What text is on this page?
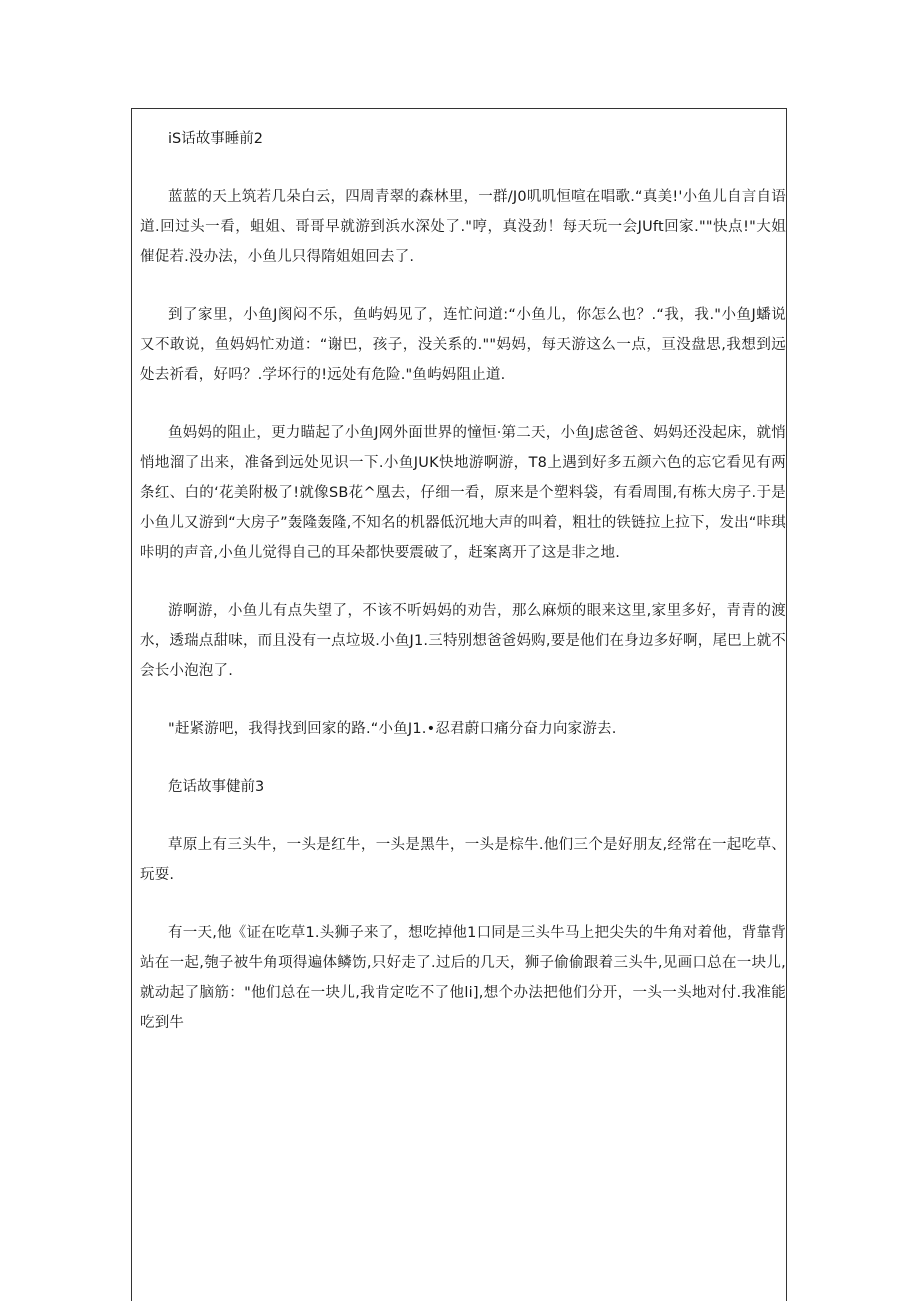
iS话故事睡前2

蓝蓝的天上筑若几朵白云，四周青翠的森林里，一群/J0叽叽恒喧在唱歌.“真美!'小鱼儿自言自语道.回过头一看，蛆姐、哥哥早就游到浜水深处了."哼，真没劲！每天玩一会JUft回家.""快点!"大姐催促若.没办法，小鱼儿只得隋姐姐回去了.

到了家里，小鱼J阂闷不乐，鱼屿妈见了，连忙问道:“小鱼儿，你怎么也？.“我，我."小鱼J蟠说又不敢说，鱼妈妈忙劝道：“谢巴，孩子，没关系的.""妈妈，每天游这么一点，亘没盘思,我想到远处去祈看，好吗？.学坏行的!远处有危险."鱼屿妈阻止道.

鱼妈妈的阻止，更力瞄起了小鱼J网外面世界的憧恒·第二天，小鱼J虑爸爸、妈妈还没起床，就悄悄地溜了出来，准备到远处见识一下.小鱼JUK快地游啊游，T8上遇到好多五颜六色的忘它看见有两条红、白的‘花美附极了!就像SB花^凰去，仔细一看，原来是个塑料袋，有看周围,有栋大房子.于是小鱼儿又游到“大房子”轰隆轰隆,不知名的机器低沉地大声的叫着，粗壮的铁链拉上拉下，发出“咔琪咔明的声音,小鱼儿觉得自己的耳朵都快要震破了，赶案离开了这是非之地.

游啊游，小鱼儿有点失望了，不该不听妈妈的劝告，那么麻烦的眼来这里,家里多好，青青的渡水，透瑞点甜味，而且没有一点垃圾.小鱼J1.三特别想爸爸妈购,要是他们在身边多好啊，尾巴上就不会长小泡泡了.

"赶紧游吧，我得找到回家的路.“小鱼J1.•忍君蔚口痛分奋力向家游去.

危话故事健前3

草原上有三头牛，一头是红牛，一头是黑牛，一头是棕牛.他们三个是好朋友,经常在一起吃草、玩耍.

有一天,他《证在吃草1.头狮子来了，想吃掉他1口同是三头牛马上把尖失的牛角对着他，背靠背站在一起,匏子被牛角项得遍体鳞饬,只好走了.过后的几天，狮子偷偷跟着三头牛,见画口总在一块儿,就动起了脑筋："他们总在一块儿,我肯定吃不了他li],想个办法把他们分开，一头一头地对付.我准能吃到牛
